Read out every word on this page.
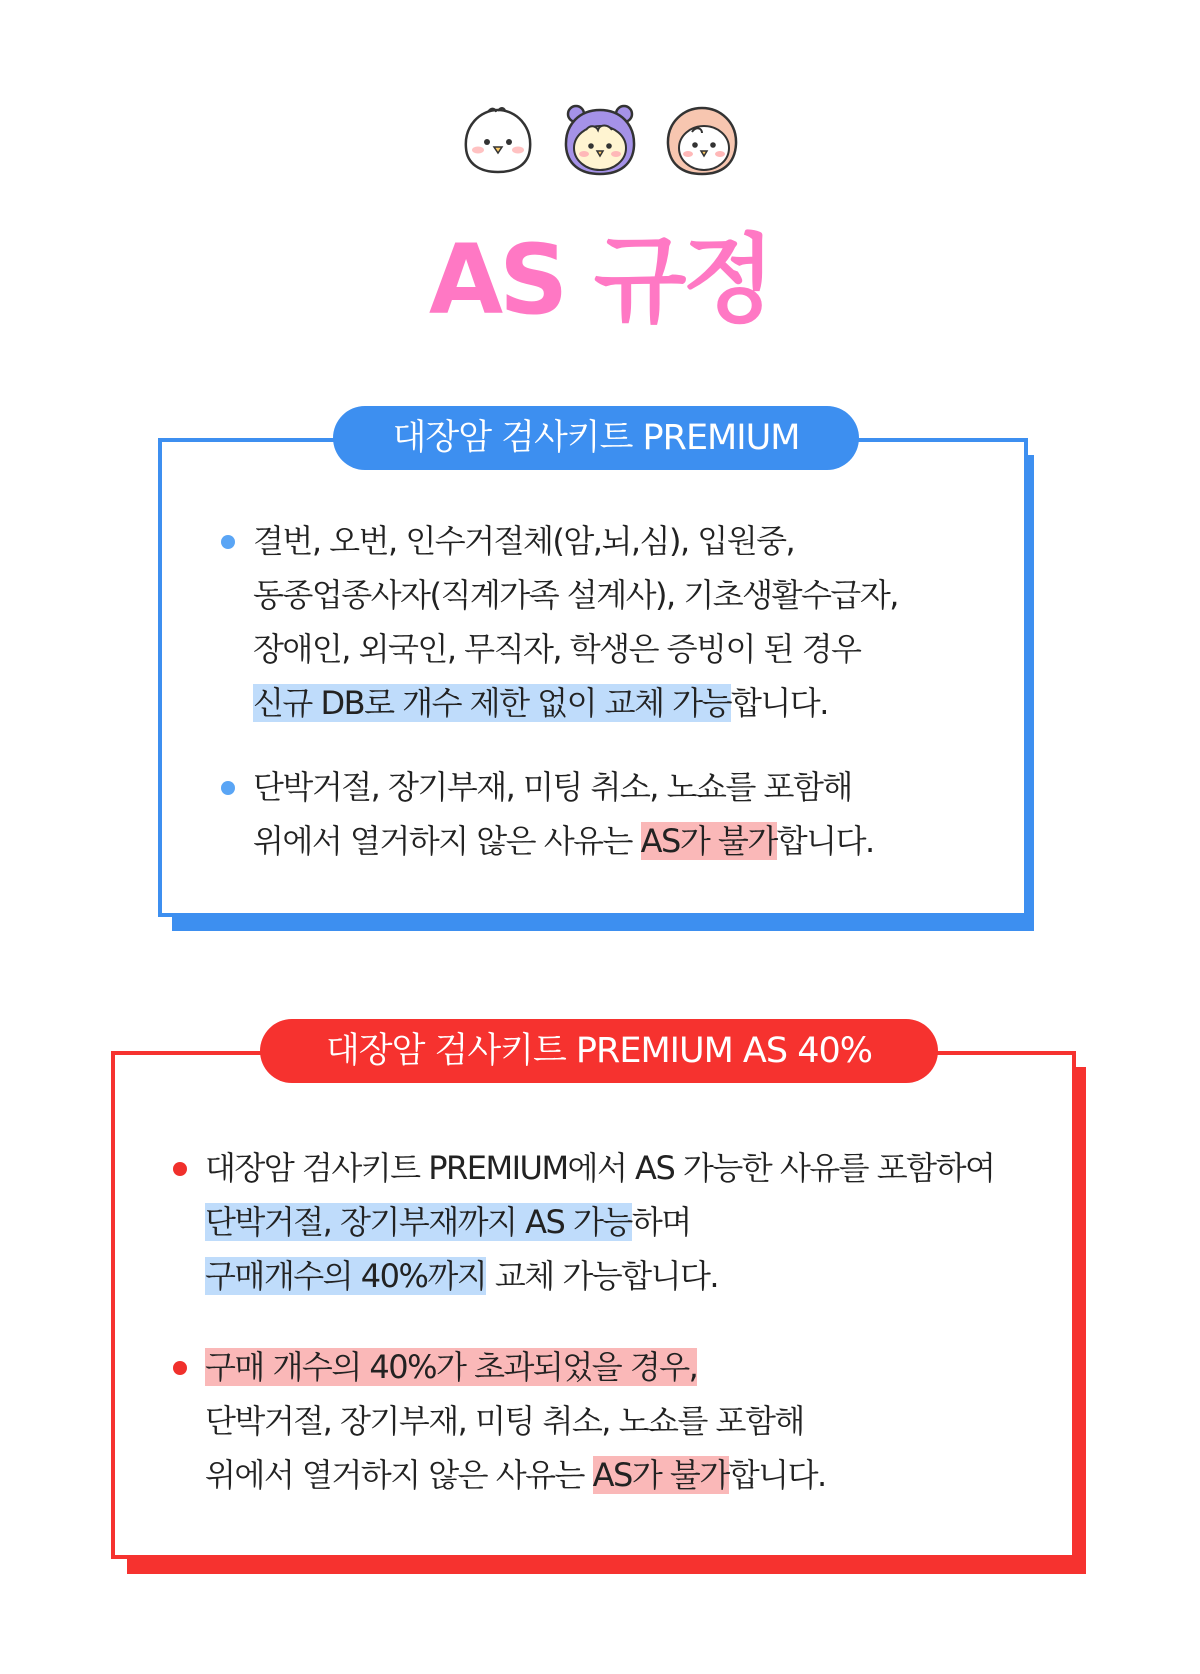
AS 규정
결번, 오번, 인수거절체(암,뇌,심), 입원중,
동종업종사자(직계가족 설계사), 기초생활수급자,
장애인, 외국인, 무직자, 학생은 증빙이 된 경우
신규 DB로 개수 제한 없이 교체 가능합니다.
단박거절, 장기부재, 미팅 취소, 노쇼를 포함해
위에서 열거하지 않은 사유는 AS가 불가합니다.
대장암 검사키트 PREMIUM
대장암 검사키트 PREMIUM에서 AS 가능한 사유를 포함하여
단박거절, 장기부재까지 AS 가능하며
구매개수의 40%까지 교체 가능합니다.
구매 개수의 40%가 초과되었을 경우,
단박거절, 장기부재, 미팅 취소, 노쇼를 포함해
위에서 열거하지 않은 사유는 AS가 불가합니다.
대장암 검사키트 PREMIUM AS 40%
